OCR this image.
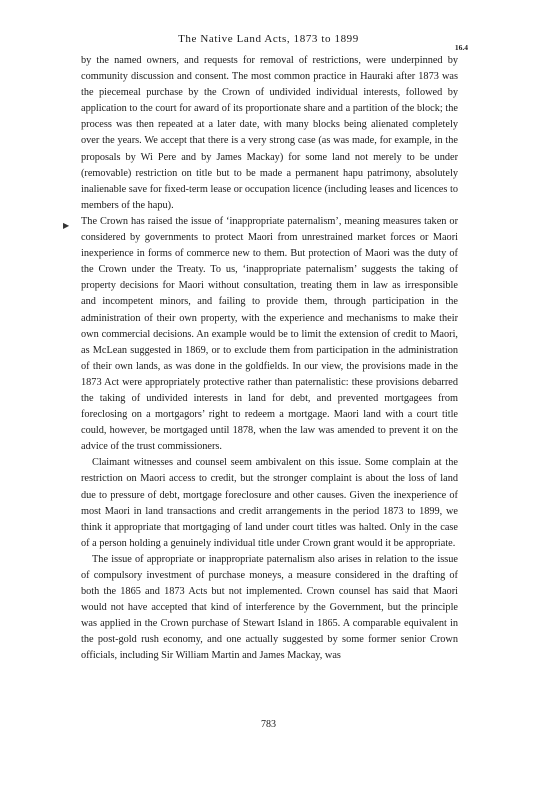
The Native Land Acts, 1873 to 1899
16.4

by the named owners, and requests for removal of restrictions, were underpinned by community discussion and consent. The most common practice in Hauraki after 1873 was the piecemeal purchase by the Crown of undivided individual interests, followed by application to the court for award of its proportionate share and a partition of the block; the process was then repeated at a later date, with many blocks being alienated completely over the years. We accept that there is a very strong case (as was made, for example, in the proposals by Wi Pere and by James Mackay) for some land not merely to be under (removable) restriction on title but to be made a permanent hapu patrimony, absolutely inalienable save for fixed-term lease or occupation licence (including leases and licences to members of the hapu).

▶ The Crown has raised the issue of ‘inappropriate paternalism’, meaning measures taken or considered by governments to protect Maori from unrestrained market forces or Maori inexperience in forms of commerce new to them. But protection of Maori was the duty of the Crown under the Treaty. To us, ‘inappropriate paternalism’ suggests the taking of property decisions for Maori without consultation, treating them in law as irresponsible and incompetent minors, and failing to provide them, through participation in the administration of their own property, with the experience and mechanisms to make their own commercial decisions. An example would be to limit the extension of credit to Maori, as McLean suggested in 1869, or to exclude them from participation in the administration of their own lands, as was done in the goldfields. In our view, the provisions made in the 1873 Act were appropriately protective rather than paternalistic: these provisions debarred the taking of undivided interests in land for debt, and prevented mortgagees from foreclosing on a mortgagors’ right to redeem a mortgage. Maori land with a court title could, however, be mortgaged until 1878, when the law was amended to prevent it on the advice of the trust commissioners.

Claimant witnesses and counsel seem ambivalent on this issue. Some complain at the restriction on Maori access to credit, but the stronger complaint is about the loss of land due to pressure of debt, mortgage foreclosure and other causes. Given the inexperience of most Maori in land transactions and credit arrangements in the period 1873 to 1899, we think it appropriate that mortgaging of land under court titles was halted. Only in the case of a person holding a genuinely individual title under Crown grant would it be appropriate.

The issue of appropriate or inappropriate paternalism also arises in relation to the issue of compulsory investment of purchase moneys, a measure considered in the drafting of both the 1865 and 1873 Acts but not implemented. Crown counsel has said that Maori would not have accepted that kind of interference by the Government, but the principle was applied in the Crown purchase of Stewart Island in 1865. A comparable equivalent in the post-gold rush economy, and one actually suggested by some former senior Crown officials, including Sir William Martin and James Mackay, was

783
